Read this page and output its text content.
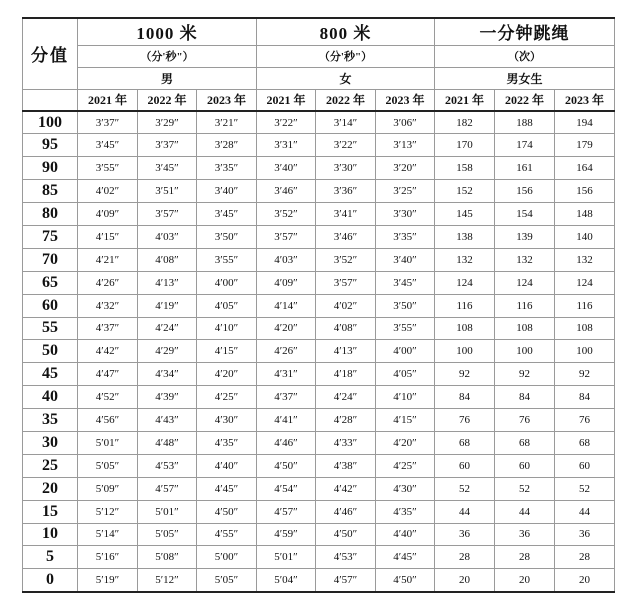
分值	1000 米			800 米			一分钟跳绳		
	（分'秒"）			（分'秒"）			（次）		
	男			女			男女生		
	2021 年	2022 年	2023 年	2021 年	2022 年	2023 年	2021 年	2022 年	2023 年
100	3′37″	3′29″	3′21″	3′22″	3′14″	3′06″	182	188	194
95	3′45″	3′37″	3′28″	3′31″	3′22″	3′13″	170	174	179
90	3′55″	3′45″	3′35″	3′40″	3′30″	3′20″	158	161	164
85	4′02″	3′51″	3′40″	3′46″	3′36″	3′25″	152	156	156
80	4′09″	3′57″	3′45″	3′52″	3′41″	3′30″	145	154	148
75	4′15″	4′03″	3′50″	3′57″	3′46″	3′35″	138	139	140
70	4′21″	4′08″	3′55″	4′03″	3′52″	3′40″	132	132	132
65	4′26″	4′13″	4′00″	4′09″	3′57″	3′45″	124	124	124
60	4′32″	4′19″	4′05″	4′14″	4′02″	3′50″	116	116	116
55	4′37″	4′24″	4′10″	4′20″	4′08″	3′55″	108	108	108
50	4′42″	4′29″	4′15″	4′26″	4′13″	4′00″	100	100	100
45	4′47″	4′34″	4′20″	4′31″	4′18″	4′05″	92	92	92
40	4′52″	4′39″	4′25″	4′37″	4′24″	4′10″	84	84	84
35	4′56″	4′43″	4′30″	4′41″	4′28″	4′15″	76	76	76
30	5′01″	4′48″	4′35″	4′46″	4′33″	4′20″	68	68	68
25	5′05″	4′53″	4′40″	4′50″	4′38″	4′25″	60	60	60
20	5′09″	4′57″	4′45″	4′54″	4′42″	4′30″	52	52	52
15	5′12″	5′01″	4′50″	4′57″	4′46″	4′35″	44	44	44
10	5′14″	5′05″	4′55″	4′59″	4′50″	4′40″	36	36	36
5	5′16″	5′08″	5′00″	5′01″	4′53″	4′45″	28	28	28
0	5′19″	5′12″	5′05″	5′04″	4′57″	4′50″	20	20	20
